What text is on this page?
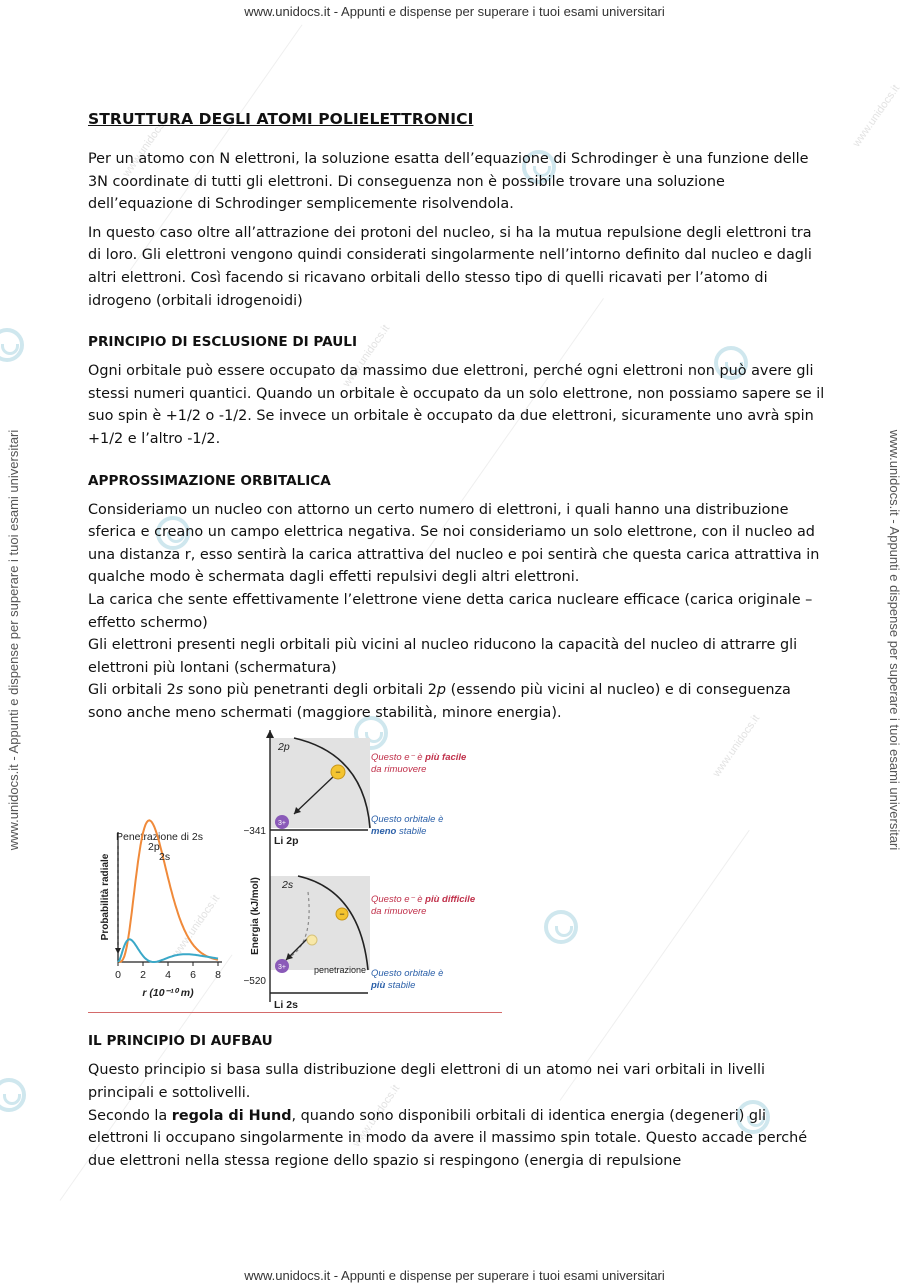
www.unidocs.it
www.unidocs.it
www.unidocs.it
www.unidocs.it
www.unidocs.it
www.unidocs.it
www.unidocs.it - Appunti e dispense per superare i tuoi esami universitari
www.unidocs.it - Appunti e dispense per superare i tuoi esami universitari
www.unidocs.it - Appunti e dispense per superare i tuoi esami universitari	www.unidocs.it - Appunti e dispense per superare i tuoi esami universitari
STRUTTURA DEGLI ATOMI POLIELETTRONICI

Per un atomo con N elettroni, la soluzione esatta dell’equazione di Schrodinger è una funzione delle 3N coordinate di tutti gli elettroni. Di conseguenza non è possibile trovare una soluzione dell’equazione di Schrodinger semplicemente risolvendola.

In questo caso oltre all’attrazione dei protoni del nucleo, si ha la mutua repulsione degli elettroni tra di loro. Gli elettroni vengono quindi considerati singolarmente nell’intorno definito dal nucleo e dagli altri elettroni. Così facendo si ricavano orbitali dello stesso tipo di quelli ricavati per l’atomo di idrogeno (orbitali idrogenoidi)

PRINCIPIO DI ESCLUSIONE DI PAULI

Ogni orbitale può essere occupato da massimo due elettroni, perché ogni elettroni non può avere gli stessi numeri quantici. Quando un orbitale è occupato da un solo elettrone, non possiamo sapere se il suo spin è +1/2 o -1/2. Se invece un orbitale è occupato da due elettroni, sicuramente uno avrà spin +1/2 e l’altro -1/2.

APPROSSIMAZIONE ORBITALICA

Consideriamo un nucleo con attorno un certo numero di elettroni, i quali hanno una distribuzione sferica e creano un campo elettrica negativa. Se noi consideriamo un solo elettrone, con il nucleo ad una distanza r, esso sentirà la carica attrattiva del nucleo e poi sentirà che questa carica attrattiva in qualche modo è schermata dagli effetti repulsivi degli altri elettroni.

La carica che sente effettivamente l’elettrone viene detta carica nucleare efficace (carica originale – effetto schermo)

Gli elettroni presenti negli orbitali più vicini al nucleo riducono la capacità del nucleo di attrarre gli elettroni più lontani (schermatura)

Gli orbitali 2s sono più penetranti degli orbitali 2p (essendo più vicini al nucleo) e di conseguenza sono anche meno schermati (maggiore stabilità, minore energia).

Penetrazione di 2s
Probabilità radiale
2p
2s
0 2 4 6 8
r (10⁻¹⁰ m)
Energia (kJ/mol)
−341
−520
Li 2p
Li 2s
2p
2s
3+
3+
−
−
penetrazione
Questo e⁻ è più facile
da rimuovere
Questo orbitale è
meno stabile
Questo e⁻ è più difficile
da rimuovere
Questo orbitale è
più stabile
IL PRINCIPIO DI AUFBAU

Questo principio si basa sulla distribuzione degli elettroni di un atomo nei vari orbitali in livelli principali e sottolivelli.

Secondo la regola di Hund, quando sono disponibili orbitali di identica energia (degeneri) gli elettroni li occupano singolarmente in modo da avere il massimo spin totale. Questo accade perché due elettroni nella stessa regione dello spazio si respingono (energia di repulsione
